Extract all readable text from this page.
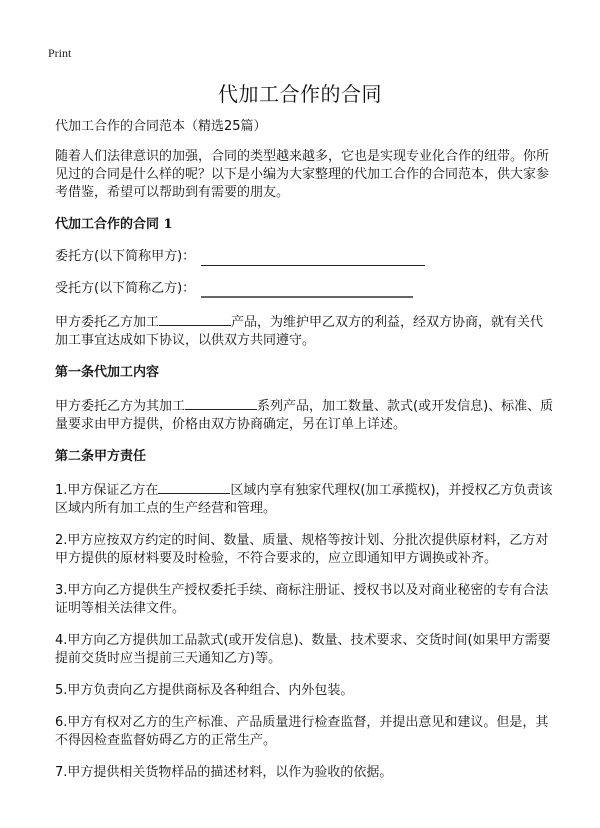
Print
代加工合作的合同

代加工合作的合同范本（精选25篇）

随着人们法律意识的加强，合同的类型越来越多，它也是实现专业化合作的纽带。你所见过的合同是什么样的呢？以下是小编为大家整理的代加工合作的合同范本，供大家参考借鉴，希望可以帮助到有需要的朋友。

代加工合作的合同 1

委托方(以下简称甲方)：

受托方(以下简称乙方)：

甲方委托乙方加工	产品，为维护甲乙双方的利益，经双方协商，就有关代加工事宜达成如下协议，以供双方共同遵守。

第一条代加工内容

甲方委托乙方为其加工	系列产品，加工数量、款式(或开发信息)、标准、质量要求由甲方提供，价格由双方协商确定，另在订单上详述。

第二条甲方责任

1.甲方保证乙方在	区域内享有独家代理权(加工承揽权)，并授权乙方负责该区域内所有加工点的生产经营和管理。

2.甲方应按双方约定的时间、数量、质量、规格等按计划、分批次提供原材料，乙方对甲方提供的原材料要及时检验，不符合要求的，应立即通知甲方调换或补齐。

3.甲方向乙方提供生产授权委托手续、商标注册证、授权书以及对商业秘密的专有合法证明等相关法律文件。

4.甲方向乙方提供加工品款式(或开发信息)、数量、技术要求、交货时间(如果甲方需要提前交货时应当提前三天通知乙方)等。

5.甲方负责向乙方提供商标及各种组合、内外包装。

6.甲方有权对乙方的生产标准、产品质量进行检查监督，并提出意见和建议。但是，其不得因检查监督妨碍乙方的正常生产。

7.甲方提供相关货物样品的描述材料，以作为验收的依据。
